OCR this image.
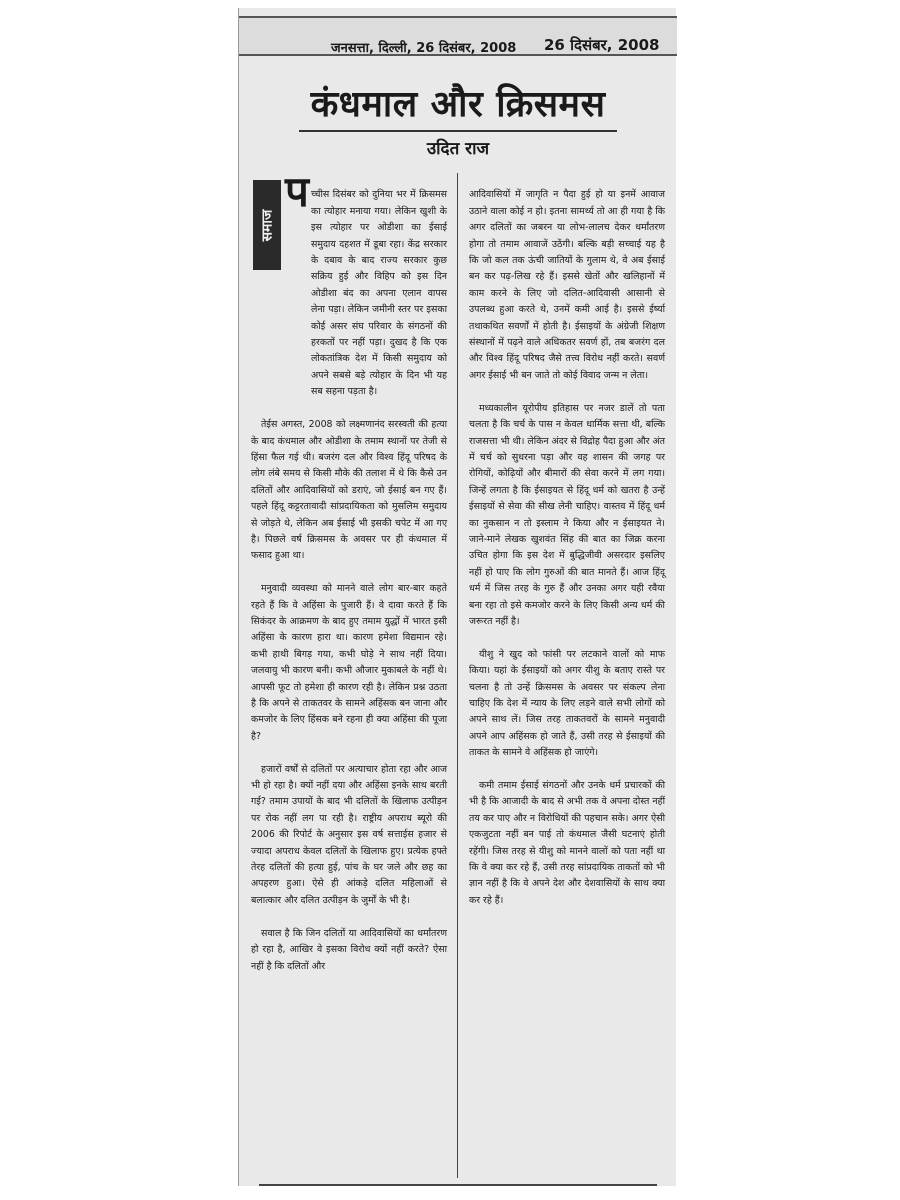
जनसत्ता, दिल्ली, 26 दिसंबर, 2008 26 दिसंबर, 2008
कंधमाल और क्रिसमस
उदित राज
समाज
प च्चीस दिसंबर को दुनिया भर में क्रिसमस का त्योहार मनाया गया। लेकिन खुशी के इस त्योहार पर ओडीशा का ईसाई समुदाय दहशत में डूबा रहा। केंद्र सरकार के दबाव के बाद राज्य सरकार कुछ सक्रिय हुई और विहिप को इस दिन ओडीशा बंद का अपना एलान वापस लेना पड़ा। लेकिन जमीनी स्तर पर इसका कोई असर संघ परिवार के संगठनों की हरकतों पर नहीं पड़ा। दुखद है कि एक लोकतांत्रिक देश में किसी समुदाय को अपने सबसे बड़े त्योहार के दिन भी यह सब सहना पड़ता है।

तेईस अगस्त, 2008 को लक्ष्मणानंद सरस्वती की हत्या के बाद कंधमाल और ओडीशा के तमाम स्थानों पर तेजी से हिंसा फैल गई थी। बजरंग दल और विश्व हिंदू परिषद के लोग लंबे समय से किसी मौके की तलाश में थे कि कैसे उन दलितों और आदिवासियों को डराएं, जो ईसाई बन गए हैं। पहले हिंदू कट्टरतावादी सांप्रदायिकता को मुसलिम समुदाय से जोड़ते थे, लेकिन अब ईसाई भी इसकी चपेट में आ गए है। पिछले वर्ष क्रिसमस के अवसर पर ही कंधमाल में फसाद हुआ था।

मनुवादी व्यवस्था को मानने वाले लोग बार-बार कहते रहते हैं कि वे अहिंसा के पुजारी हैं। वे दावा करते हैं कि सिकंदर के आक्रमण के बाद हुए तमाम युद्धों में भारत इसी अहिंसा के कारण हारा था। कारण हमेशा विद्यमान रहे। कभी हाथी बिगड़ गया, कभी घोड़े ने साथ नहीं दिया। जलवायु भी कारण बनी। कभी औजार मुकाबले के नहीं थे। आपसी फूट तो हमेशा ही कारण रही है। लेकिन प्रश्न उठता है कि अपने से ताकतवर के सामने अहिंसक बन जाना और कमजोर के लिए हिंसक बने रहना ही क्या अहिंसा की पूजा है?

हजारों वर्षों से दलितों पर अत्याचार होता रहा और आज भी हो रहा है। क्यों नहीं दया और अहिंसा इनके साथ बरती गई? तमाम उपायों के बाद भी दलितों के खिलाफ उत्पीड़न पर रोक नहीं लग पा रही है। राष्ट्रीय अपराध ब्यूरो की 2006 की रिपोर्ट के अनुसार इस वर्ष सत्ताईस हजार से ज्यादा अपराध केवल दलितों के खिलाफ हुए। प्रत्येक हफ्ते तेरह दलितों की हत्या हुई, पांच के घर जले और छह का अपहरण हुआ। ऐसे ही आंकड़े दलित महिलाओं से बलात्कार और दलित उत्पीड़न के जुर्मों के भी है।

सवाल है कि जिन दलितों या आदिवासियों का धर्मांतरण हो रहा है, आखिर वे इसका विरोध क्यों नहीं करते? ऐसा नहीं है कि दलितों और

आदिवासियों में जागृति न पैदा हुई हो या इनमें आवाज उठाने वाला कोई न हो। इतना सामर्थ्य तो आ ही गया है कि अगर दलितों का जबरन या लोभ-लालच देकर धर्मांतरण होगा तो तमाम आवाजें उठेंगी। बल्कि बड़ी सच्चाई यह है कि जो कल तक ऊंची जातियों के गुलाम थे, वे अब ईसाई बन कर पढ़-लिख रहे हैं। इससे खेतों और खलिहानों में काम करने के लिए जो दलित-आदिवासी आसानी से उपलब्ध हुआ करते थे, उनमें कमी आई है। इससे ईर्ष्या तथाकथित सवर्णों में होती है। ईसाइयों के अंग्रेजी शिक्षण संस्थानों में पढ़ने वाले अधिकतर सवर्ण हों, तब बजरंग दल और विश्व हिंदू परिषद जैसे तत्त्व विरोध नहीं करते। सवर्ण अगर ईसाई भी बन जाते तो कोई विवाद जन्म न लेता।

मध्यकालीन यूरोपीय इतिहास पर नजर डालें तो पता चलता है कि चर्च के पास न केवल धार्मिक सत्ता थी, बल्कि राजसत्ता भी थी। लेकिन अंदर से विद्रोह पैदा हुआ और अंत में चर्च को सुधरना पड़ा और वह शासन की जगह पर रोगियों, कोढ़ियों और बीमारों की सेवा करने में लग गया। जिन्हें लगता है कि ईसाइयत से हिंदू धर्म को खतरा है उन्हें ईसाइयों से सेवा की सीख लेनी चाहिए। वास्तव में हिंदू धर्म का नुकसान न तो इस्लाम ने किया और न ईसाइयत ने। जाने-माने लेखक खुशवंत सिंह की बात का जिक्र करना उचित होगा कि इस देश में बुद्धिजीवी असरदार इसलिए नहीं हो पाए कि लोग गुरुओं की बात मानते हैं। आज हिंदू धर्म में जिस तरह के गुरु हैं और उनका अगर यही रवैया बना रहा तो इसे कमजोर करने के लिए किसी अन्य धर्म की जरूरत नहीं है।

यीशु ने खुद को फांसी पर लटकाने वालों को माफ किया। यहां के ईसाइयों को अगर यीशु के बताए रास्ते पर चलना है तो उन्हें क्रिसमस के अवसर पर संकल्प लेना चाहिए कि देश में न्याय के लिए लड़ने वाले सभी लोगों को अपने साथ लें। जिस तरह ताकतवरों के सामने मनुवादी अपने आप अहिंसक हो जाते हैं, उसी तरह से ईसाइयों की ताकत के सामने वे अहिंसक हो जाएंगे।

कमी तमाम ईसाई संगठनों और उनके धर्म प्रचारकों की भी है कि आजादी के बाद से अभी तक वे अपना दोस्त नहीं तय कर पाए और न विरोधियों की पहचान सके। अगर ऐसी एकजुटता नहीं बन पाई तो कंधमाल जैसी घटनाएं होती रहेंगी। जिस तरह से यीशु को मानने वालों को पता नहीं था कि वे क्या कर रहे हैं, उसी तरह सांप्रदायिक ताकतों को भी ज्ञान नहीं है कि वे अपने देश और देशवासियों के साथ क्या कर रहे हैं।
